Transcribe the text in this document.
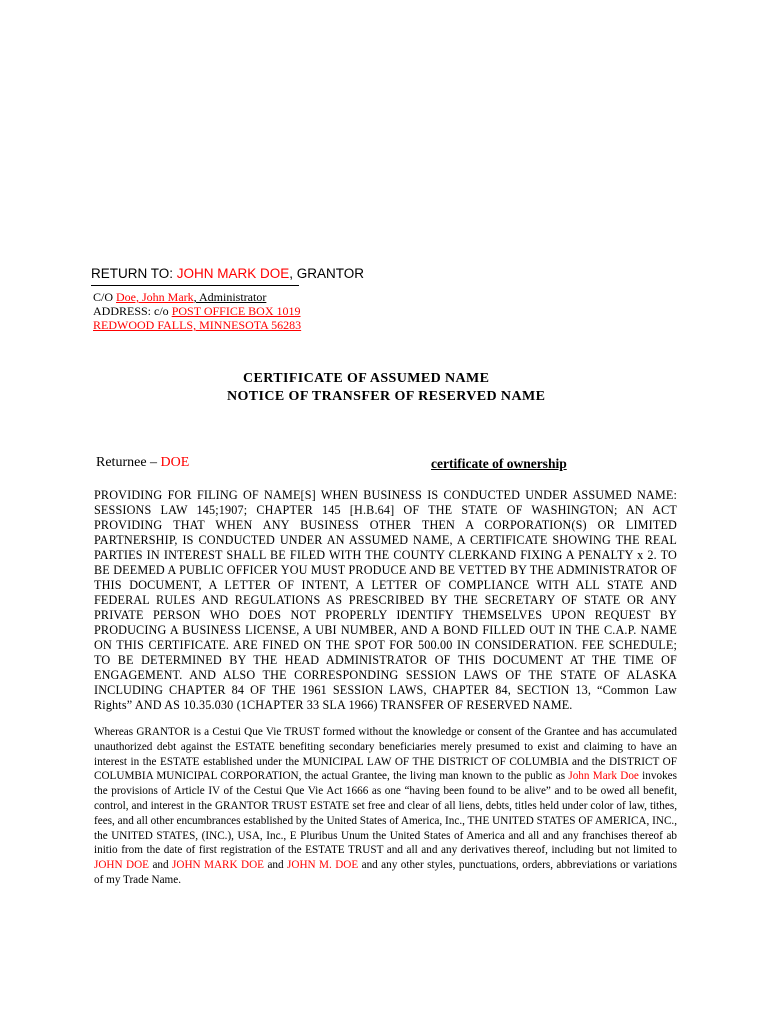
RETURN TO: JOHN MARK DOE, GRANTOR
C/O Doe, John Mark, Administrator
ADDRESS: c/o POST OFFICE BOX 1019
REDWOOD FALLS, MINNESOTA 56283
CERTIFICATE OF ASSUMED NAME
NOTICE OF TRANSFER OF RESERVED NAME
Returnee – DOE	certificate of ownership

PROVIDING FOR FILING OF NAME[S] WHEN BUSINESS IS CONDUCTED UNDER ASSUMED NAME: SESSIONS LAW 145;1907; CHAPTER 145 [H.B.64] OF THE STATE OF WASHINGTON; AN ACT PROVIDING THAT WHEN ANY BUSINESS OTHER THEN A CORPORATION(S) OR LIMITED PARTNERSHIP, IS CONDUCTED UNDER AN ASSUMED NAME, A CERTIFICATE SHOWING THE REAL PARTIES IN INTEREST SHALL BE FILED WITH THE COUNTY CLERKAND FIXING A PENALTY x 2. TO BE DEEMED A PUBLIC OFFICER YOU MUST PRODUCE AND BE VETTED BY THE ADMINISTRATOR OF THIS DOCUMENT, A LETTER OF INTENT, A LETTER OF COMPLIANCE WITH ALL STATE AND FEDERAL RULES AND REGULATIONS AS PRESCRIBED BY THE SECRETARY OF STATE OR ANY PRIVATE PERSON WHO DOES NOT PROPERLY IDENTIFY THEMSELVES UPON REQUEST BY PRODUCING A BUSINESS LICENSE, A UBI NUMBER, AND A BOND FILLED OUT IN THE C.A.P. NAME ON THIS CERTIFICATE. ARE FINED ON THE SPOT FOR 500.00 IN CONSIDERATION. FEE SCHEDULE; TO BE DETERMINED BY THE HEAD ADMINISTRATOR OF THIS DOCUMENT AT THE TIME OF ENGAGEMENT. AND ALSO THE CORRESPONDING SESSION LAWS OF THE STATE OF ALASKA INCLUDING CHAPTER 84 OF THE 1961 SESSION LAWS, CHAPTER 84, SECTION 13, “Common Law Rights” AND AS 10.35.030 (1CHAPTER 33 SLA 1966) TRANSFER OF RESERVED NAME.

Whereas GRANTOR is a Cestui Que Vie TRUST formed without the knowledge or consent of the Grantee and has accumulated unauthorized debt against the ESTATE benefiting secondary beneficiaries merely presumed to exist and claiming to have an interest in the ESTATE established under the MUNICIPAL LAW OF THE DISTRICT OF COLUMBIA and the DISTRICT OF COLUMBIA MUNICIPAL CORPORATION, the actual Grantee, the living man known to the public as John Mark Doe invokes the provisions of Article IV of the Cestui Que Vie Act 1666 as one “having been found to be alive” and to be owed all benefit, control, and interest in the GRANTOR TRUST ESTATE set free and clear of all liens, debts, titles held under color of law, tithes, fees, and all other encumbrances established by the United States of America, Inc., THE UNITED STATES OF AMERICA, INC., the UNITED STATES, (INC.), USA, Inc., E Pluribus Unum the United States of America and all and any franchises thereof ab initio from the date of first registration of the ESTATE TRUST and all and any derivatives thereof, including but not limited to JOHN DOE and JOHN MARK DOE and JOHN M. DOE and any other styles, punctuations, orders, abbreviations or variations of my Trade Name.
